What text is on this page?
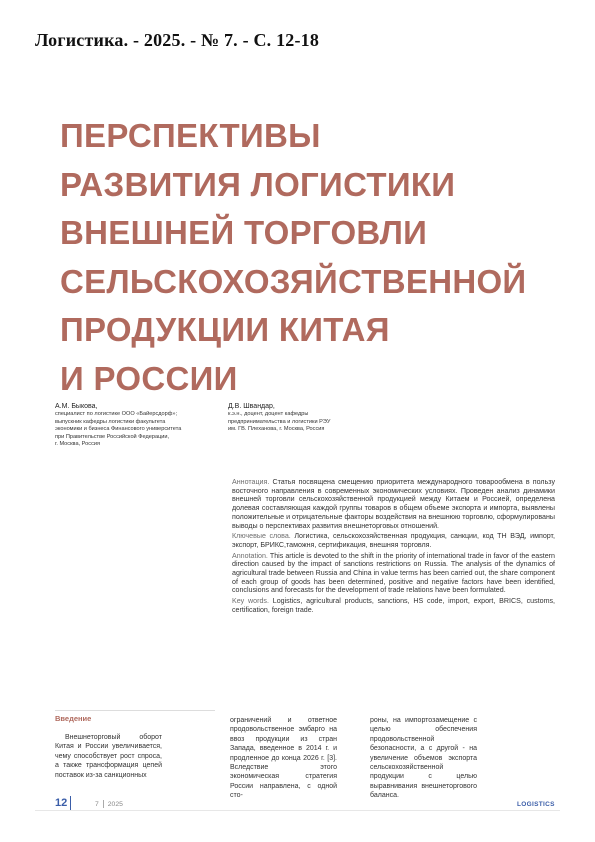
Логистика. - 2025. - № 7. - С. 12-18
ПЕРСПЕКТИВЫ
РАЗВИТИЯ ЛОГИСТИКИ
ВНЕШНЕЙ ТОРГОВЛИ
СЕЛЬСКОХОЗЯЙСТВЕННОЙ
ПРОДУКЦИИ КИТАЯ
И РОССИИ
А.М. Быкова,
специалист по логистике ООО «Байерсдорф»;
выпускник кафедры логистики факультета
экономики и бизнеса Финансового университета
при Правительстве Российской Федерации,
г. Москва, Россия
Д.В. Швандар,
к.э.н., доцент, доцент кафедры
предпринимательства и логистики РЭУ
им. ГВ. Плеханова, г. Москва, Россия

Аннотация. Статья посвящена смещению приоритета международного товарообмена в пользу восточного направления в современных экономических условиях. Проведен анализ динамики внешней торговли сельскохозяйственной продукцией между Китаем и Россией, определена долевая составляющая каждой группы товаров в общем объеме экспорта и импорта, выявлены положительные и отрицательные факторы воздействия на внешнюю торговлю, сформулированы выводы о перспективах развития внешнеторговых отношений.

Ключевые слова. Логистика, сельскохозяйственная продукция, санкции, код ТН ВЭД, импорт, экспорт, БРИКС,таможня, сертификация, внешняя торговля.

Annotation. This article is devoted to the shift in the priority of international trade in favor of the eastern direction caused by the impact of sanctions restrictions on Russia. The analysis of the dynamics of agricultural trade between Russia and China in value terms has been carried out, the share component of each group of goods has been determined, positive and negative factors have been identified, conclusions and forecasts for the development of trade relations have been formulated.

Key words. Logistics, agricultural products, sanctions, HS code, import, export, BRICS, customs, certification, foreign trade.

Введение
Внешнеторговый оборот Китая и России увеличивается, чему способствует рост спроса, а также трансформация цепей поставок из-за санкционных
ограничений и ответное продовольственное эмбарго на ввоз продукции из стран Запада, введенное в 2014 г. и продленное до конца 2026 г. [3]. Вследствие этого экономическая стратегия России направлена, с одной сто-
роны, на импортозамещение с целью обеспечения продовольственной безопасности, а с другой - на увеличение объемов экспорта сельскохозяйственной продукции с целью выравнивания внешнеторгового баланса.
12	7 2025	LOGISTICS
